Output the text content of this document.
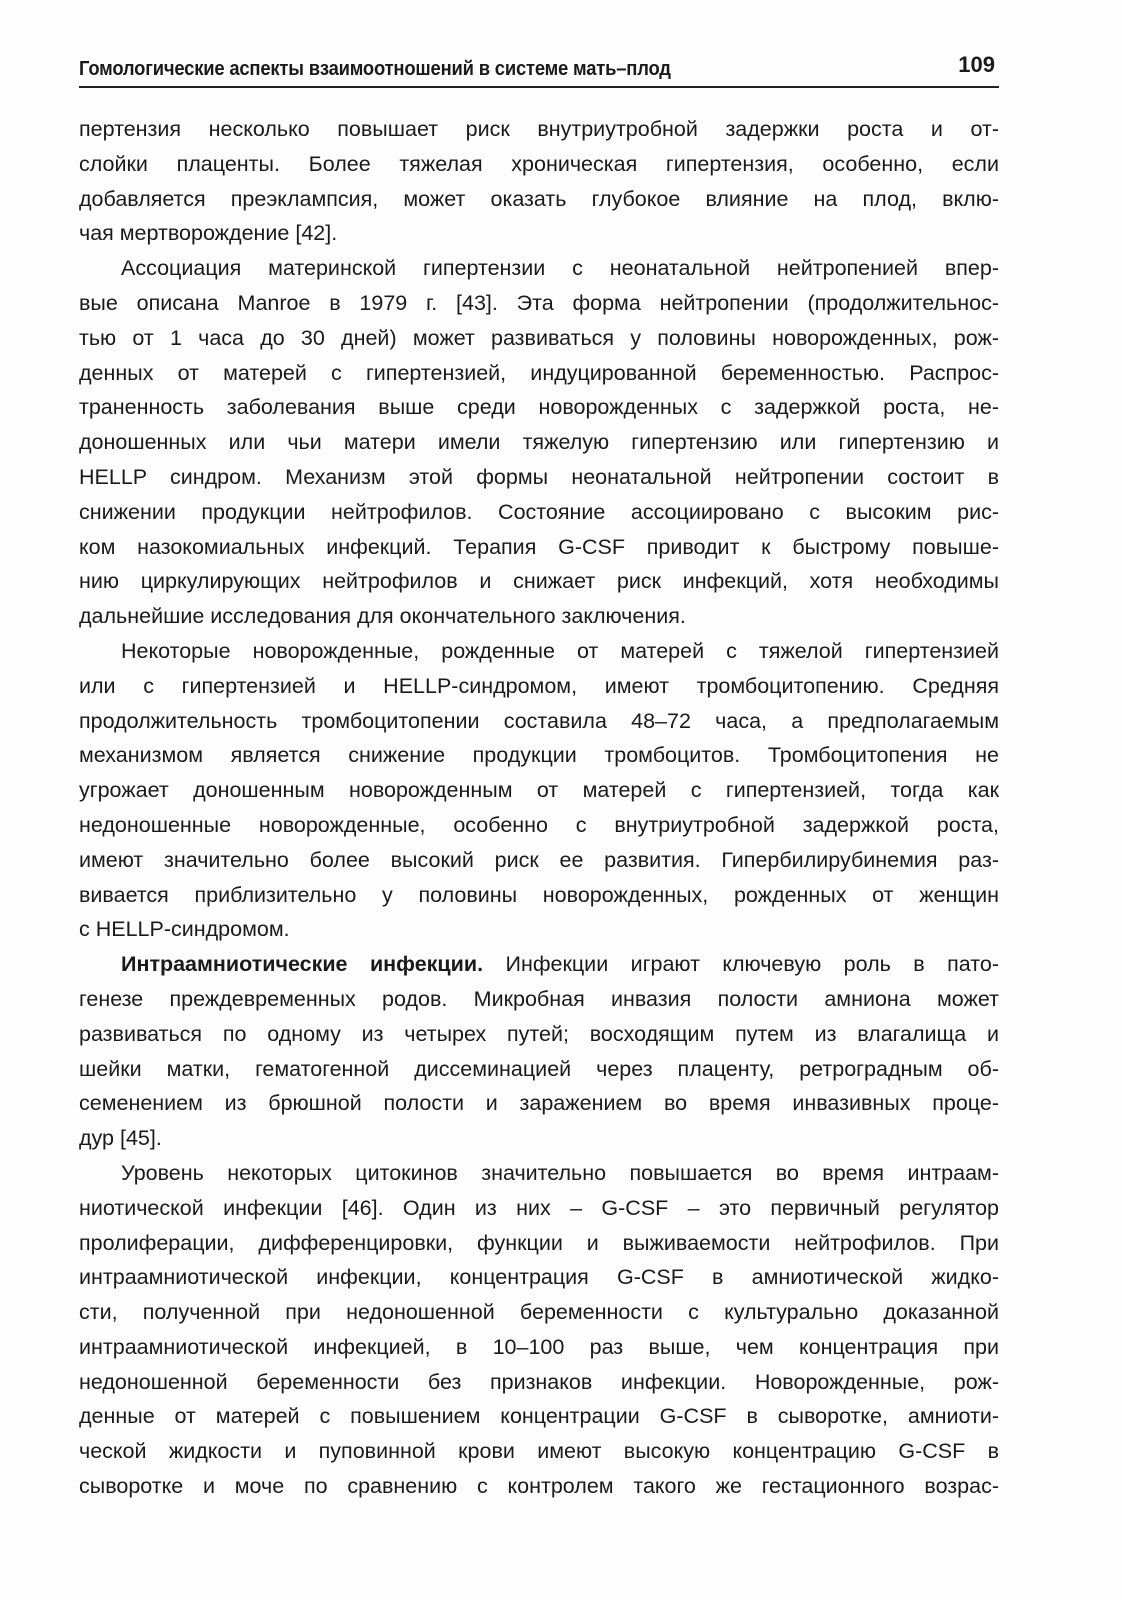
Гомологические аспекты взаимоотношений в системе мать–плод	109
пертензия несколько повышает риск внутриутробной задержки роста и от-
слойки плаценты. Более тяжелая хроническая гипертензия, особенно, если
добавляется преэклампсия, может оказать глубокое влияние на плод, вклю-
чая мертворождение [42].
Ассоциация материнской гипертензии с неонатальной нейтропенией впер-
вые описана Manroe в 1979 г. [43]. Эта форма нейтропении (продолжительнос-
тью от 1 часа до 30 дней) может развиваться у половины новорожденных, рож-
денных от матерей с гипертензией, индуцированной беременностью. Распрос-
траненность заболевания выше среди новорожденных с задержкой роста, не-
доношенных или чьи матери имели тяжелую гипертензию или гипертензию и
HELLP синдром. Механизм этой формы неонатальной нейтропении состоит в
снижении продукции нейтрофилов. Состояние ассоциировано с высоким рис-
ком назокомиальных инфекций. Терапия G-CSF приводит к быстрому повыше-
нию циркулирующих нейтрофилов и снижает риск инфекций, хотя необходимы
дальнейшие исследования для окончательного заключения.
Некоторые новорожденные, рожденные от матерей с тяжелой гипертензией
или с гипертензией и HELLP-синдромом, имеют тромбоцитопению. Средняя
продолжительность тромбоцитопении составила 48–72 часа, а предполагаемым
механизмом является снижение продукции тромбоцитов. Тромбоцитопения не
угрожает доношенным новорожденным от матерей с гипертензией, тогда как
недоношенные новорожденные, особенно с внутриутробной задержкой роста,
имеют значительно более высокий риск ее развития. Гипербилирубинемия раз-
вивается приблизительно у половины новорожденных, рожденных от женщин
с HELLP-синдромом.
Интраамниотические инфекции. Инфекции играют ключевую роль в пато-
генезе преждевременных родов. Микробная инвазия полости амниона может
развиваться по одному из четырех путей; восходящим путем из влагалища и
шейки матки, гематогенной диссеминацией через плаценту, ретроградным об-
семенением из брюшной полости и заражением во время инвазивных проце-
дур [45].
Уровень некоторых цитокинов значительно повышается во время интраам-
ниотической инфекции [46]. Один из них – G-CSF – это первичный регулятор
пролиферации, дифференцировки, функции и выживаемости нейтрофилов. При
интраамниотической инфекции, концентрация G-CSF в амниотической жидко-
сти, полученной при недоношенной беременности с культурально доказанной
интраамниотической инфекцией, в 10–100 раз выше, чем концентрация при
недоношенной беременности без признаков инфекции. Новорожденные, рож-
денные от матерей с повышением концентрации G-CSF в сыворотке, амниоти-
ческой жидкости и пуповинной крови имеют высокую концентрацию G-CSF в
сыворотке и моче по сравнению с контролем такого же гестационного возрас-
